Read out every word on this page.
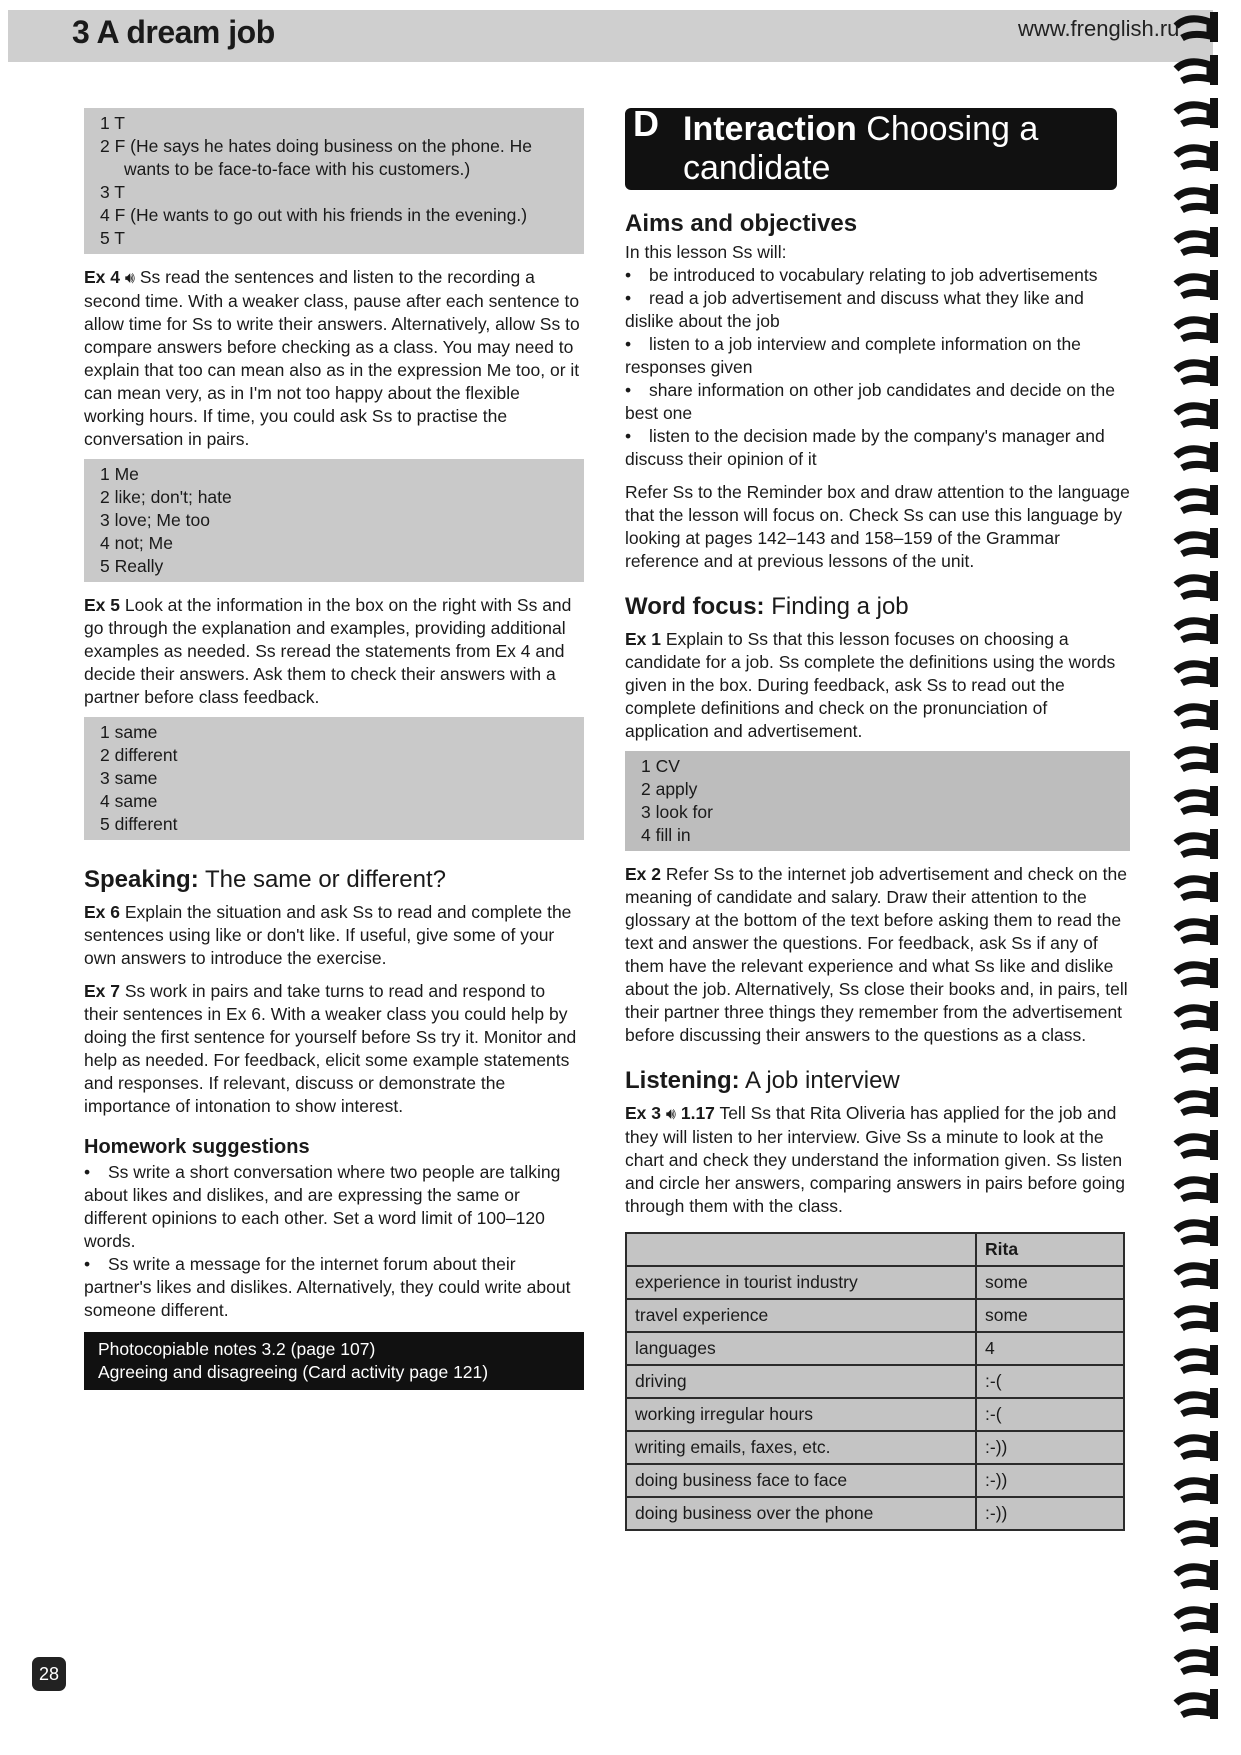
3 A dream job	www.frenglish.ru
1 T
2 F (He says he hates doing business on the phone. He
wants to be face-to-face with his customers.)
3 T
4 F (He wants to go out with his friends in the evening.)
5 T

Ex 4 🔊︎ Ss read the sentences and listen to the recording a second time. With a weaker class, pause after each sentence to allow time for Ss to write their answers. Alternatively, allow Ss to compare answers before checking as a class. You may need to explain that too can mean also as in the expression Me too, or it can mean very, as in I'm not too happy about the flexible working hours. If time, you could ask Ss to practise the conversation in pairs.

1 Me
2 like; don't; hate
3 love; Me too
4 not; Me
5 Really

Ex 5 Look at the information in the box on the right with Ss and go through the explanation and examples, providing additional examples as needed. Ss reread the statements from Ex 4 and decide their answers. Ask them to check their answers with a partner before class feedback.

1 same
2 different
3 same
4 same
5 different
Speaking: The same or different?

Ex 6 Explain the situation and ask Ss to read and complete the sentences using like or don't like. If useful, give some of your own answers to introduce the exercise.

Ex 7 Ss work in pairs and take turns to read and respond to their sentences in Ex 6. With a weaker class you could help by doing the first sentence for yourself before Ss try it. Monitor and help as needed. For feedback, elicit some example statements and responses. If relevant, discuss or demonstrate the importance of intonation to show interest.

Homework suggestions
• Ss write a short conversation where two people are talking about likes and dislikes, and are expressing the same or different opinions to each other. Set a word limit of 100–120 words.
• Ss write a message for the internet forum about their partner's likes and dislikes. Alternatively, they could write about someone different.
Photocopiable notes 3.2 (page 107)
Agreeing and disagreeing (Card activity page 121)
D Interaction Choosing a candidate
Aims and objectives

In this lesson Ss will:

• be introduced to vocabulary relating to job advertisements
• read a job advertisement and discuss what they like and dislike about the job
• listen to a job interview and complete information on the responses given
• share information on other job candidates and decide on the best one
• listen to the decision made by the company's manager and discuss their opinion of it

Refer Ss to the Reminder box and draw attention to the language that the lesson will focus on. Check Ss can use this language by looking at pages 142–143 and 158–159 of the Grammar reference and at previous lessons of the unit.

Word focus: Finding a job

Ex 1 Explain to Ss that this lesson focuses on choosing a candidate for a job. Ss complete the definitions using the words given in the box. During feedback, ask Ss to read out the complete definitions and check on the pronunciation of application and advertisement.

1 CV
2 apply
3 look for
4 fill in

Ex 2 Refer Ss to the internet job advertisement and check on the meaning of candidate and salary. Draw their attention to the glossary at the bottom of the text before asking them to read the text and answer the questions. For feedback, ask Ss if any of them have the relevant experience and what Ss like and dislike about the job. Alternatively, Ss close their books and, in pairs, tell their partner three things they remember from the advertisement before discussing their answers to the questions as a class.

Listening: A job interview

Ex 3 🔊︎ 1.17 Tell Ss that Rita Oliveria has applied for the job and they will listen to her interview. Give Ss a minute to look at the chart and check they understand the information given. Ss listen and circle her answers, comparing answers in pairs before going through them with the class.

	Rita
experience in tourist industry	some
travel experience	some
languages	4
driving	:-(
working irregular hours	:-(
writing emails, faxes, etc.	:-))
doing business face to face	:-))
doing business over the phone	:-))
28
